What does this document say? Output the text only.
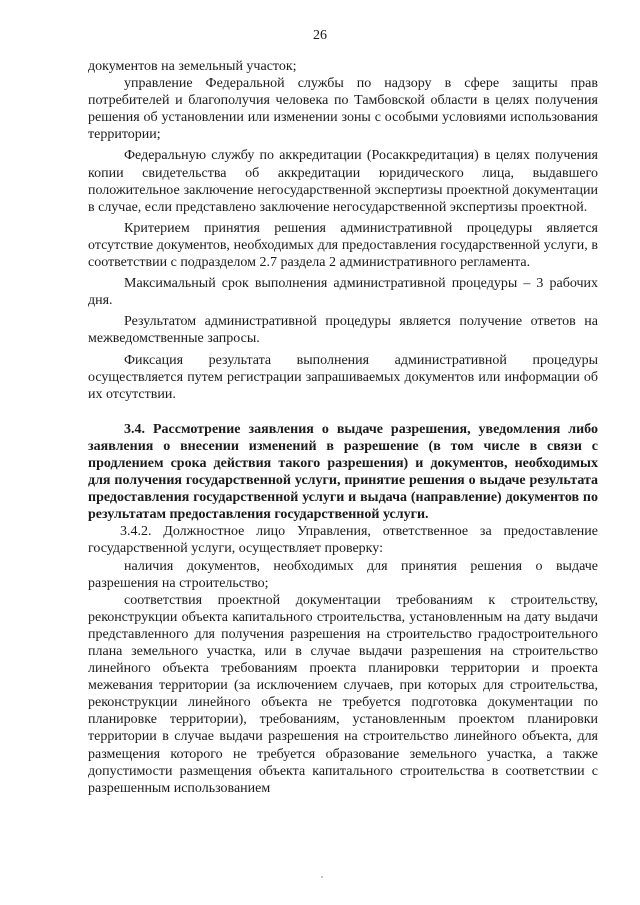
26

документов на земельный участок;

управление Федеральной службы по надзору в сфере защиты прав потребителей и благополучия человека по Тамбовской области в целях получения решения об установлении или изменении зоны с особыми условиями использования территории;

Федеральную службу по аккредитации (Росаккредитация) в целях получения копии свидетельства об аккредитации юридического лица, выдавшего положительное заключение негосударственной экспертизы проектной документации в случае, если представлено заключение негосударственной экспертизы проектной.

Критерием принятия решения административной процедуры является отсутствие документов, необходимых для предоставления государственной услуги, в соответствии с подразделом 2.7 раздела 2 административного регламента.

Максимальный срок выполнения административной процедуры – 3 рабочих дня.

Результатом административной процедуры является получение ответов на межведомственные запросы.

Фиксация результата выполнения административной процедуры осуществляется путем регистрации запрашиваемых документов или информации об их отсутствии.

3.4. Рассмотрение заявления о выдаче разрешения, уведомления либо заявления о внесении изменений в разрешение (в том числе в связи с продлением срока действия такого разрешения) и документов, необходимых для получения государственной услуги, принятие решения о выдаче результата предоставления государственной услуги и выдача (направление) документов по результатам предоставления государственной услуги.

3.4.2. Должностное лицо Управления, ответственное за предоставление государственной услуги, осуществляет проверку:

наличия документов, необходимых для принятия решения о выдаче разрешения на строительство;

соответствия проектной документации требованиям к строительству, реконструкции объекта капитального строительства, установленным на дату выдачи представленного для получения разрешения на строительство градостроительного плана земельного участка, или в случае выдачи разрешения на строительство линейного объекта требованиям проекта планировки территории и проекта межевания территории (за исключением случаев, при которых для строительства, реконструкции линейного объекта не требуется подготовка документации по планировке территории), требованиям, установленным проектом планировки территории в случае выдачи разрешения на строительство линейного объекта, для размещения которого не требуется образование земельного участка, а также допустимости размещения объекта капитального строительства в соответствии с разрешенным использованием
